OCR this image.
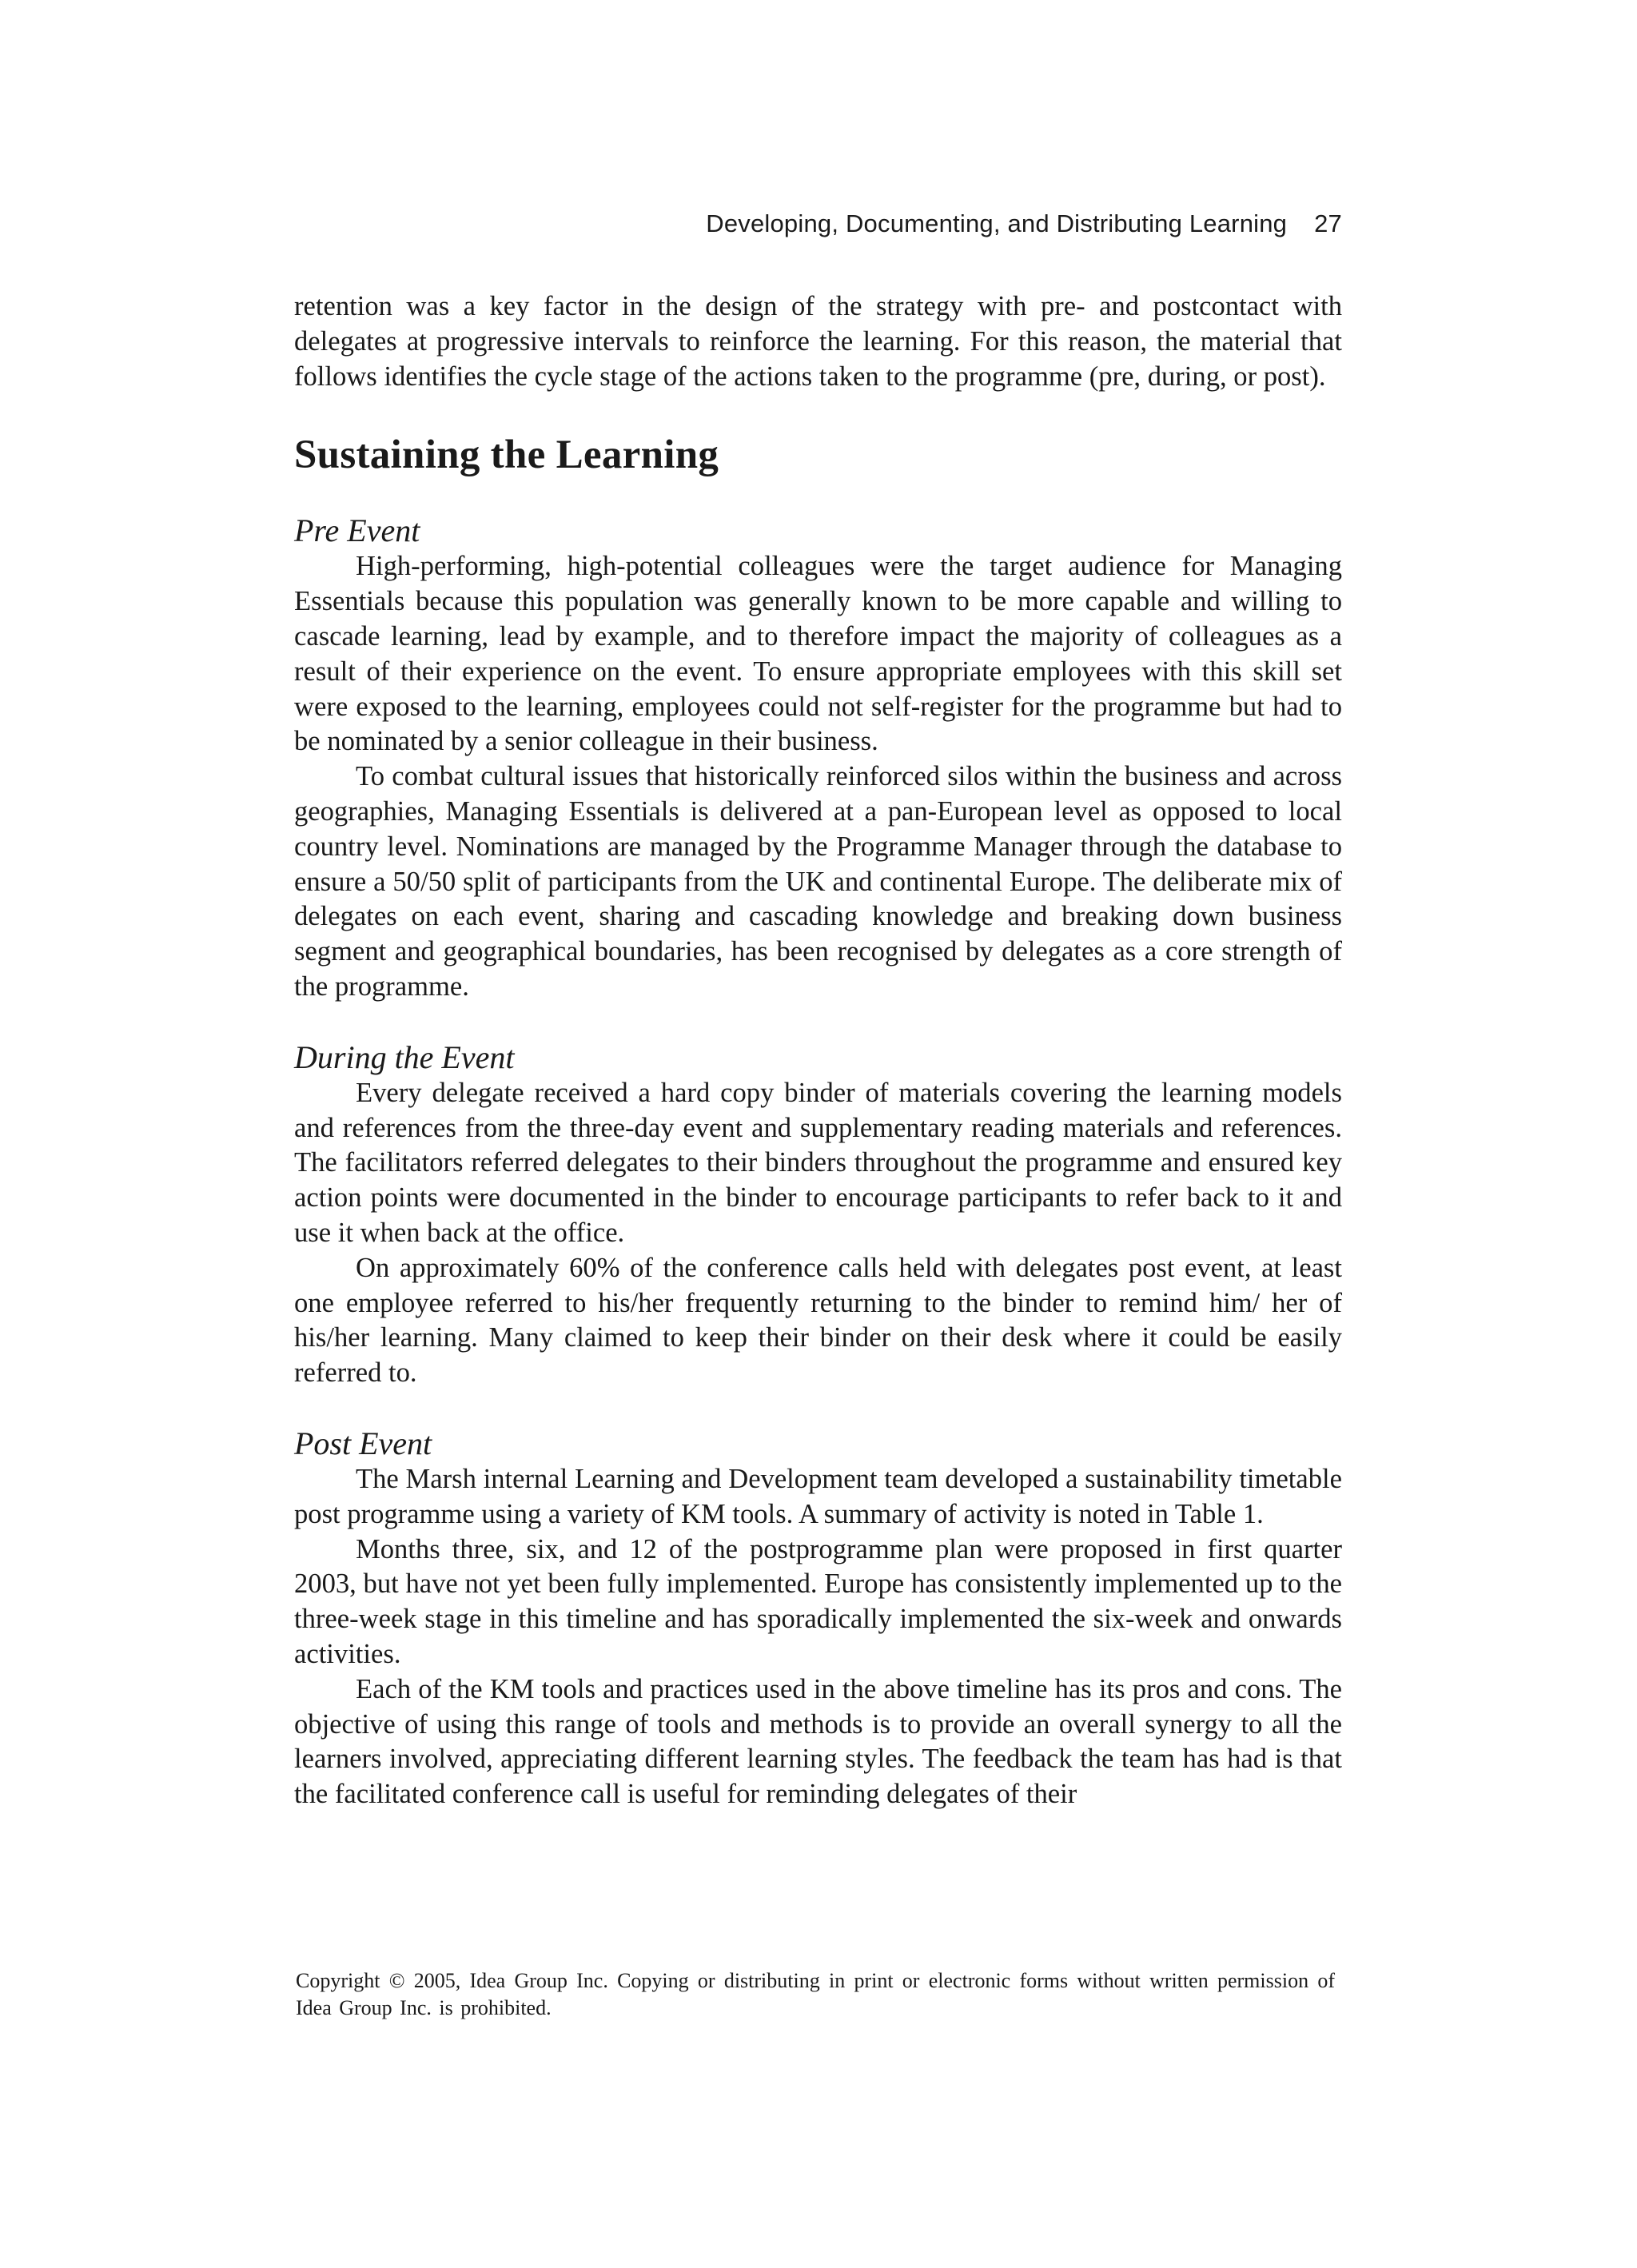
Developing, Documenting, and Distributing Learning 27

retention was a key factor in the design of the strategy with pre- and postcontact with delegates at progressive intervals to reinforce the learning. For this reason, the material that follows identifies the cycle stage of the actions taken to the programme (pre, during, or post).

Sustaining the Learning
Pre Event

High-performing, high-potential colleagues were the target audience for Managing Essentials because this population was generally known to be more capable and willing to cascade learning, lead by example, and to therefore impact the majority of colleagues as a result of their experience on the event. To ensure appropriate employees with this skill set were exposed to the learning, employees could not self-register for the programme but had to be nominated by a senior colleague in their business.

To combat cultural issues that historically reinforced silos within the business and across geographies, Managing Essentials is delivered at a pan-European level as opposed to local country level. Nominations are managed by the Programme Manager through the database to ensure a 50/50 split of participants from the UK and continental Europe. The deliberate mix of delegates on each event, sharing and cascading knowledge and breaking down business segment and geographical boundaries, has been recognised by delegates as a core strength of the programme.

During the Event

Every delegate received a hard copy binder of materials covering the learning models and references from the three-day event and supplementary reading materials and references. The facilitators referred delegates to their binders throughout the programme and ensured key action points were documented in the binder to encourage participants to refer back to it and use it when back at the office.

On approximately 60% of the conference calls held with delegates post event, at least one employee referred to his/her frequently returning to the binder to remind him/ her of his/her learning. Many claimed to keep their binder on their desk where it could be easily referred to.

Post Event

The Marsh internal Learning and Development team developed a sustainability timetable post programme using a variety of KM tools. A summary of activity is noted in Table 1.

Months three, six, and 12 of the postprogramme plan were proposed in first quarter 2003, but have not yet been fully implemented. Europe has consistently implemented up to the three-week stage in this timeline and has sporadically implemented the six-week and onwards activities.

Each of the KM tools and practices used in the above timeline has its pros and cons. The objective of using this range of tools and methods is to provide an overall synergy to all the learners involved, appreciating different learning styles. The feedback the team has had is that the facilitated conference call is useful for reminding delegates of their

Copyright © 2005, Idea Group Inc. Copying or distributing in print or electronic forms without written permission of Idea Group Inc. is prohibited.
